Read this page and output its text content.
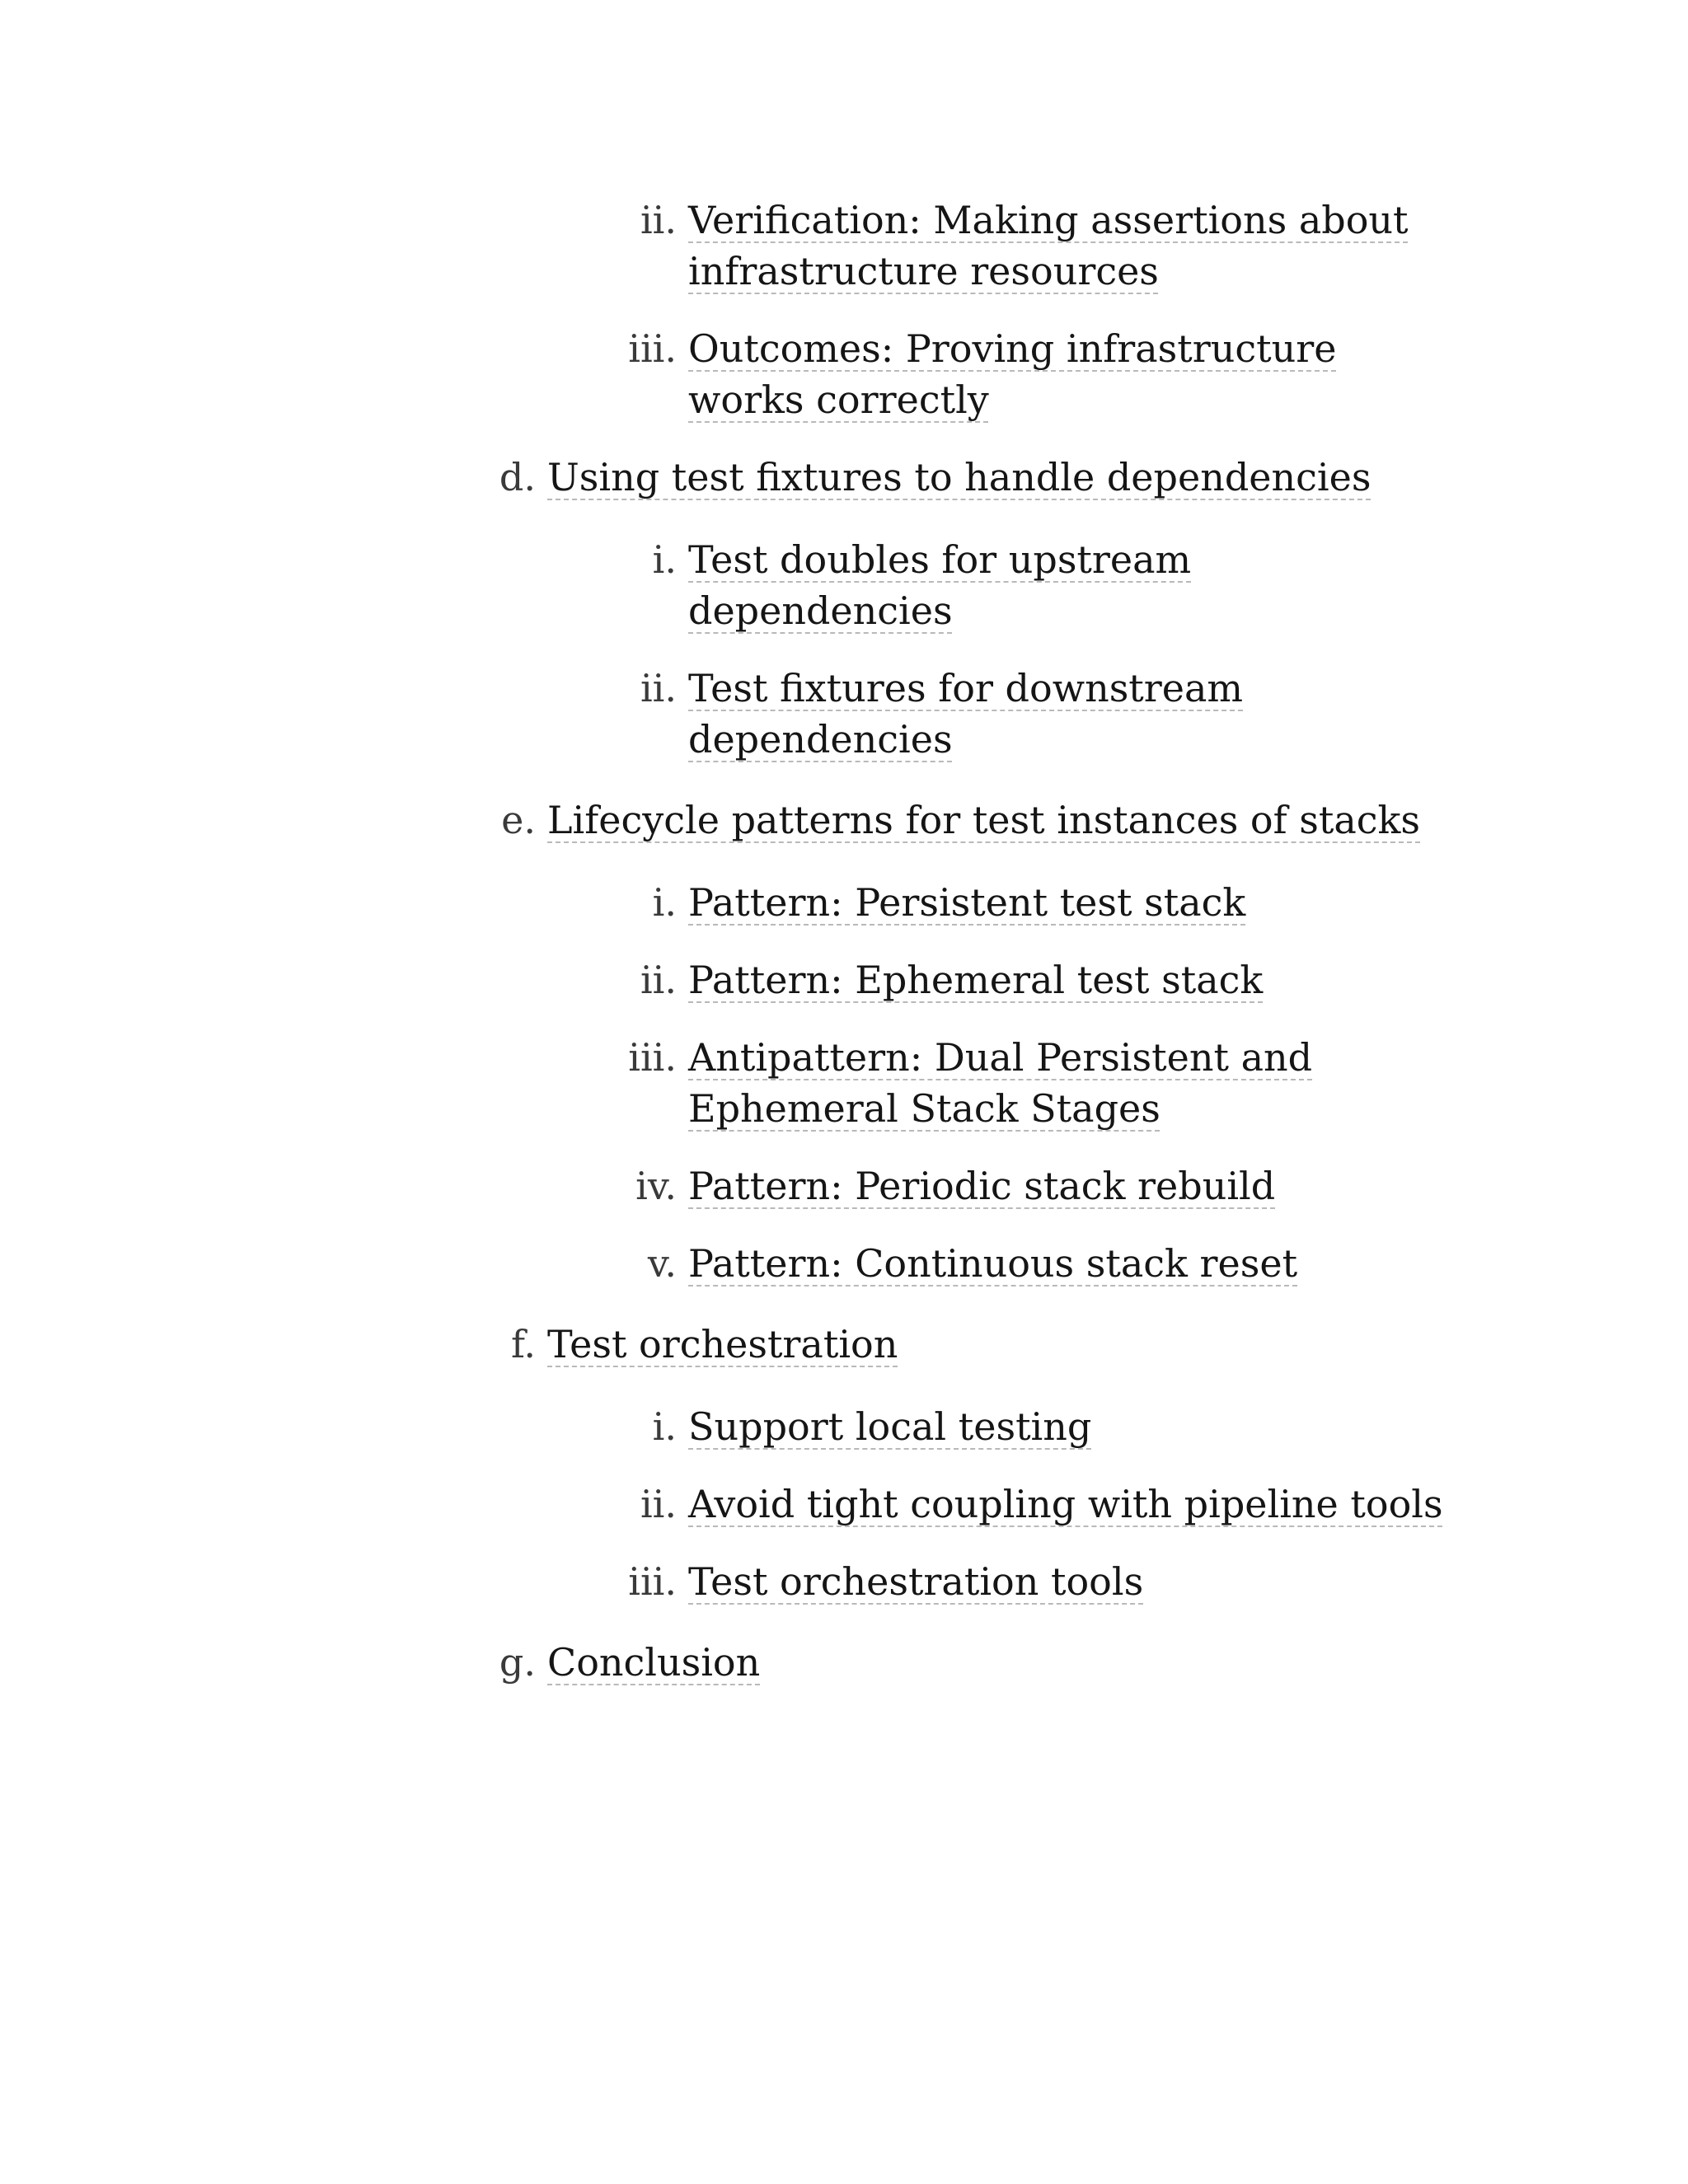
ii. Verification: Making assertions about infrastructure resources
iii. Outcomes: Proving infrastructure works correctly
d. Using test fixtures to handle dependencies
i. Test doubles for upstream dependencies
ii. Test fixtures for downstream dependencies
e. Lifecycle patterns for test instances of stacks
i. Pattern: Persistent test stack
ii. Pattern: Ephemeral test stack
iii. Antipattern: Dual Persistent and Ephemeral Stack Stages
iv. Pattern: Periodic stack rebuild
v. Pattern: Continuous stack reset
f. Test orchestration
i. Support local testing
ii. Avoid tight coupling with pipeline tools
iii. Test orchestration tools
g. Conclusion
